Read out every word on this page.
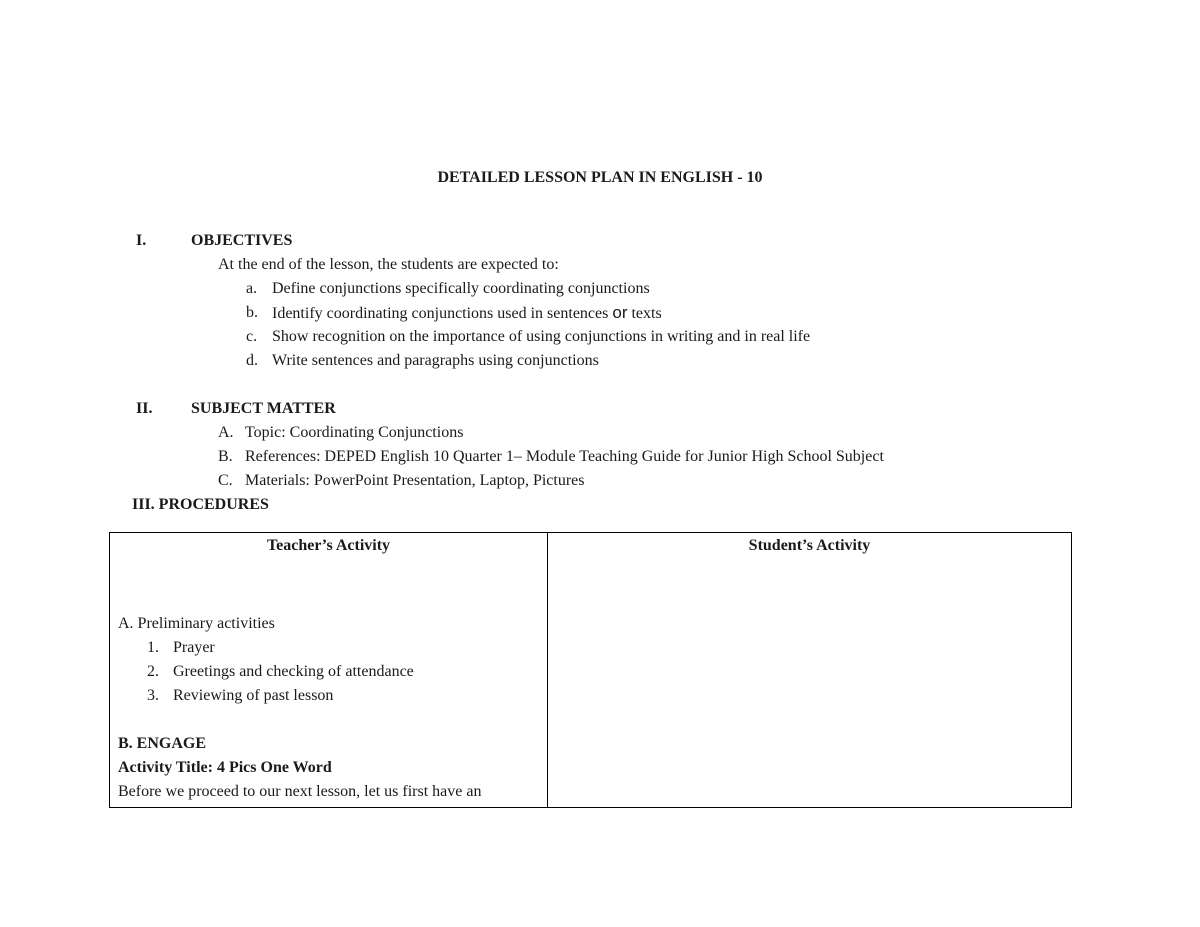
DETAILED LESSON PLAN IN ENGLISH - 10
I.	OBJECTIVES
At the end of the lesson, the students are expected to:
a. Define conjunctions specifically coordinating conjunctions
b. Identify coordinating conjunctions used in sentences or texts
c. Show recognition on the importance of using conjunctions in writing and in real life
d. Write sentences and paragraphs using conjunctions
II. SUBJECT MATTER
A. Topic: Coordinating Conjunctions
B. References: DEPED English 10 Quarter 1– Module Teaching Guide for Junior High School Subject
C. Materials: PowerPoint Presentation, Laptop, Pictures
III. PROCEDURES
Teacher’s Activity	Student’s Activity
A. Preliminary activities
1. Prayer
2. Greetings and checking of attendance
3. Reviewing of past lesson
B. ENGAGE
Activity Title: 4 Pics One Word
Before we proceed to our next lesson, let us first have an
